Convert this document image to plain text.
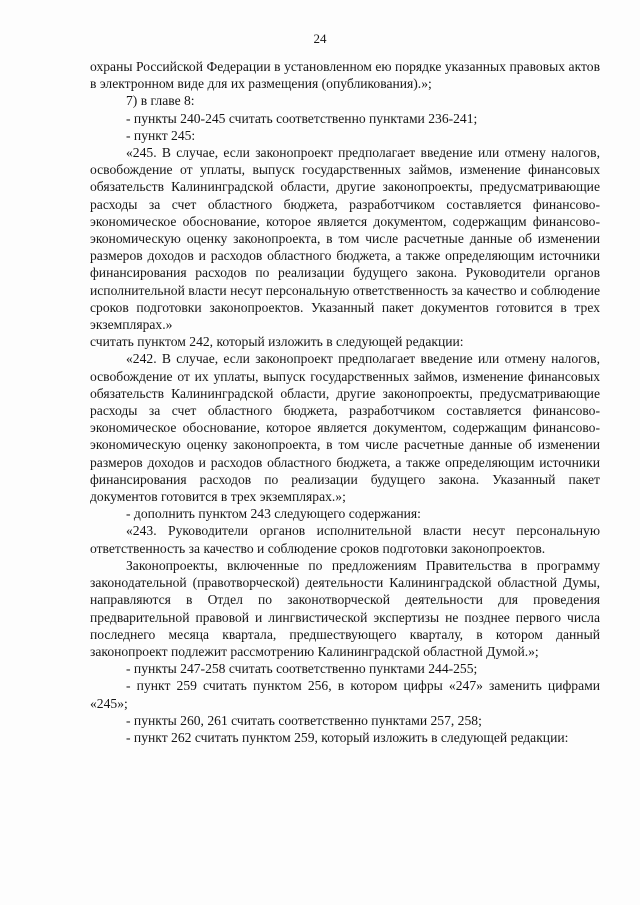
24

охраны Российской Федерации в установленном ею порядке указанных правовых актов в электронном виде для их размещения (опубликования).»;

7) в главе 8:

- пункты 240-245 считать соответственно пунктами 236-241;

- пункт 245:

«245. В случае, если законопроект предполагает введение или отмену налогов, освобождение от уплаты, выпуск государственных займов, изменение финансовых обязательств Калининградской области, другие законопроекты, предусматривающие расходы за счет областного бюджета, разработчиком составляется финансово-экономическое обоснование, которое является документом, содержащим финансово-экономическую оценку законопроекта, в том числе расчетные данные об изменении размеров доходов и расходов областного бюджета, а также определяющим источники финансирования расходов по реализации будущего закона. Руководители органов исполнительной власти несут персональную ответственность за качество и соблюдение сроков подготовки законопроектов. Указанный пакет документов готовится в трех экземплярах.»

считать пунктом 242, который изложить в следующей редакции:

«242. В случае, если законопроект предполагает введение или отмену налогов, освобождение от их уплаты, выпуск государственных займов, изменение финансовых обязательств Калининградской области, другие законопроекты, предусматривающие расходы за счет областного бюджета, разработчиком составляется финансово-экономическое обоснование, которое является документом, содержащим финансово-экономическую оценку законопроекта, в том числе расчетные данные об изменении размеров доходов и расходов областного бюджета, а также определяющим источники финансирования расходов по реализации будущего закона. Указанный пакет документов готовится в трех экземплярах.»;

- дополнить пунктом 243 следующего содержания:

«243. Руководители органов исполнительной власти несут персональную ответственность за качество и соблюдение сроков подготовки законопроектов.

Законопроекты, включенные по предложениям Правительства в программу законодательной (правотворческой) деятельности Калининградской областной Думы, направляются в Отдел по законотворческой деятельности для проведения предварительной правовой и лингвистической экспертизы не позднее первого числа последнего месяца квартала, предшествующего кварталу, в котором данный законопроект подлежит рассмотрению Калининградской областной Думой.»;

- пункты 247-258 считать соответственно пунктами 244-255;

- пункт 259 считать пунктом 256, в котором цифры «247» заменить цифрами «245»;

- пункты 260, 261 считать соответственно пунктами 257, 258;

- пункт 262 считать пунктом 259, который изложить в следующей редакции:
